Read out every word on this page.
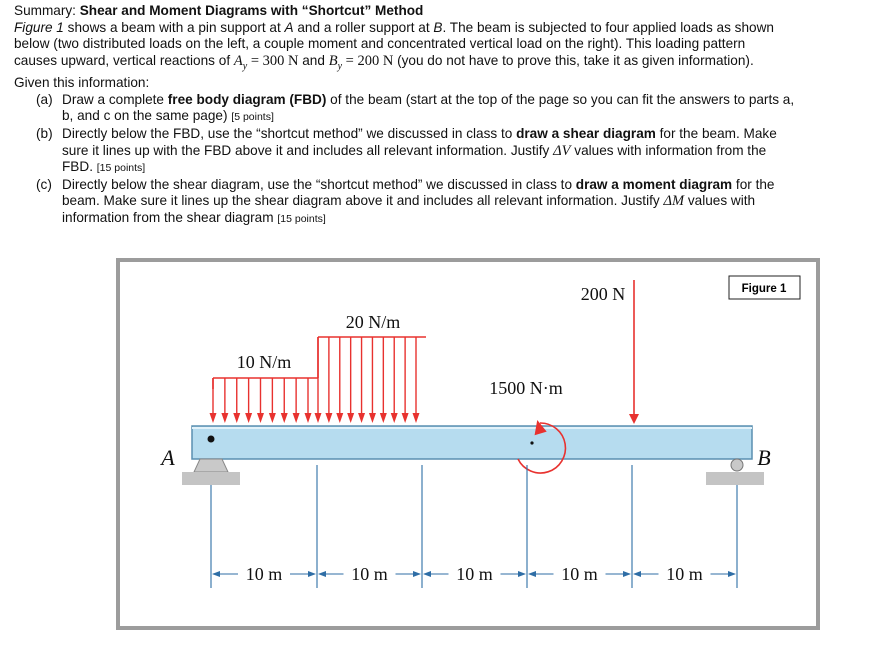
Summary: Shear and Moment Diagrams with “Shortcut” Method
Figure 1 shows a beam with a pin support at A and a roller support at B. The beam is subjected to four applied loads as shown
below (two distributed loads on the left, a couple moment and concentrated vertical load on the right). This loading pattern
causes upward, vertical reactions of $A_y = 300$ N and $B_y = 200$ N (you do not have to prove this, take it as given information).
Given this information:
(a) Draw a complete free body diagram (FBD) of the beam (start at the top of the page so you can fit the answers to parts a,
b, and c on the same page) [5 points]
(b) Directly below the FBD, use the “shortcut method” we discussed in class to draw a shear diagram for the beam. Make
sure it lines up with the FBD above it and includes all relevant information. Justify ΔV values with information from the
FBD. [15 points]
(c) Directly below the shear diagram, use the “shortcut method” we discussed in class to draw a moment diagram for the
beam. Make sure it lines up the shear diagram above it and includes all relevant information. Justify ΔM values with
information from the shear diagram [15 points]
Figure 1
10 N/m
20 N/m
200 N
1500 N·m
A	B
10 m	10 m	10 m	10 m	10 m
